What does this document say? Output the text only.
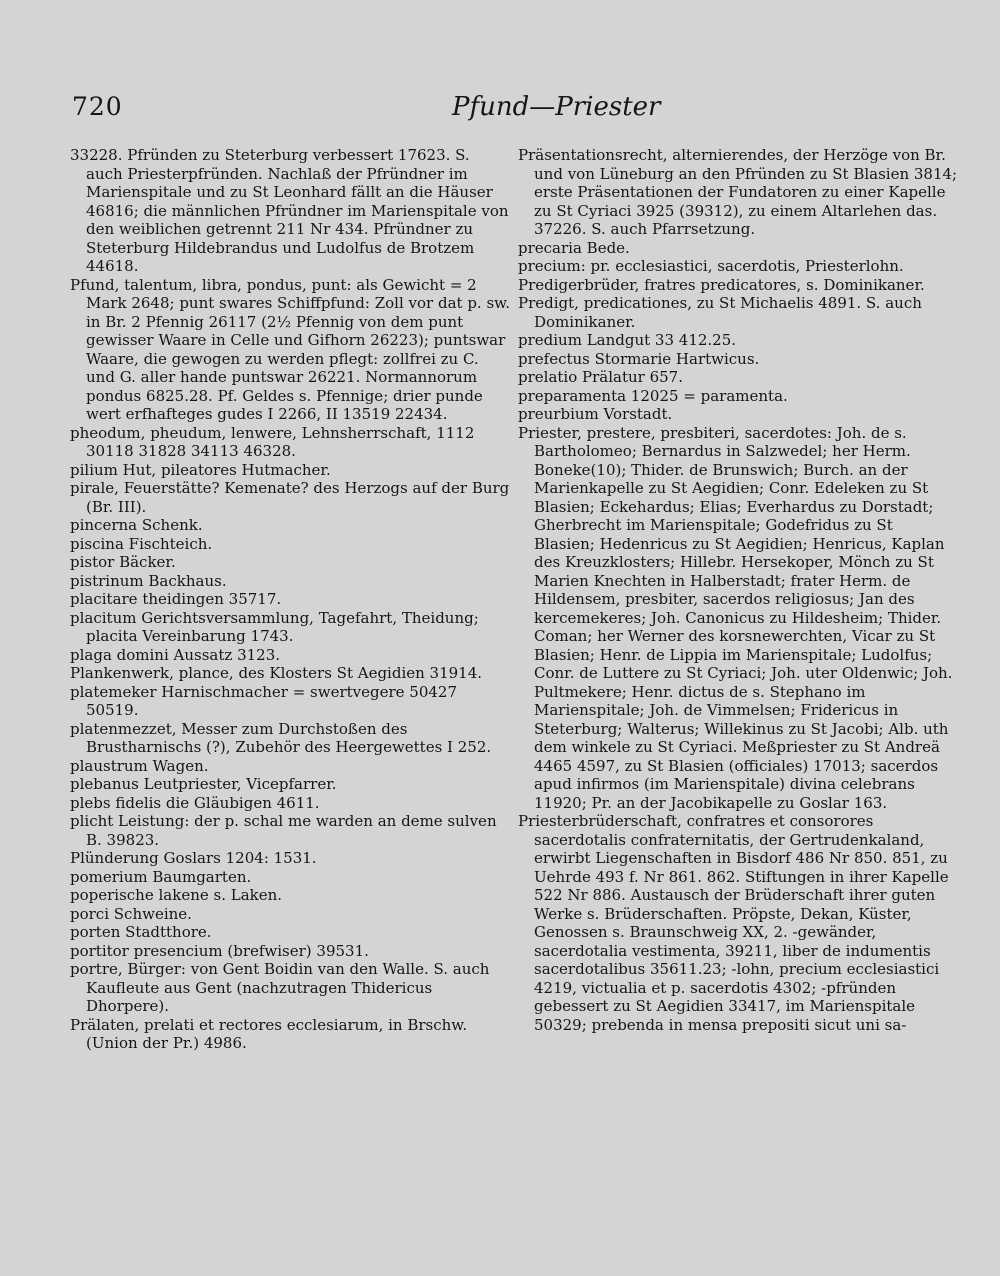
720	Pfund—Priester

33228. Pfründen zu Steterburg verbessert 17623. S. auch Priesterpfründen. Nachlaß der Pfründner im Marienspitale und zu St Leonhard fällt an die Häuser 46816; die männlichen Pfründner im Marienspitale von den weiblichen getrennt 211 Nr 434. Pfründner zu Steterburg Hildebrandus und Ludolfus de Brotzem 44618.

Pfund, talentum, libra, pondus, punt: als Gewicht = 2 Mark 2648; punt swares Schiffpfund: Zoll vor dat p. sw. in Br. 2 Pfennig 26117 (2½ Pfennig von dem punt gewisser Waare in Celle und Gifhorn 26223); puntswar Waare, die gewogen zu werden pflegt: zollfrei zu C. und G. aller hande puntswar 26221. Normannorum pondus 6825.28. Pf. Geldes s. Pfennige; drier punde wert erfhafteges gudes I 2266, II 13519 22434.

pheodum, pheudum, lenwere, Lehnsherrschaft, 1112 30118 31828 34113 46328.

pilium Hut, pileatores Hutmacher.

pirale, Feuerstätte? Kemenate? des Herzogs auf der Burg (Br. III).

pincerna Schenk.

piscina Fischteich.

pistor Bäcker.

pistrinum Backhaus.

placitare theidingen 35717.

placitum Gerichtsversammlung, Tagefahrt, Theidung; placita Vereinbarung 1743.

plaga domini Aussatz 3123.

Plankenwerk, plance, des Klosters St Aegidien 31914.

platemeker Harnischmacher = swertvegere 50427 50519.

platenmezzet, Messer zum Durchstoßen des Brustharnischs (?), Zubehör des Heergewettes I 252.

plaustrum Wagen.

plebanus Leutpriester, Vicepfarrer.

plebs fidelis die Gläubigen 4611.

plicht Leistung: der p. schal me warden an deme sulven B. 39823.

Plünderung Goslars 1204: 1531.

pomerium Baumgarten.

poperische lakene s. Laken.

porci Schweine.

porten Stadtthore.

portitor presencium (brefwiser) 39531.

portre, Bürger: von Gent Boidin van den Walle. S. auch Kaufleute aus Gent (nachzutragen Thidericus Dhorpere).

Prälaten, prelati et rectores ecclesiarum, in Brschw. (Union der Pr.) 4986.

Präsentationsrecht, alternierendes, der Herzöge von Br. und von Lüneburg an den Pfründen zu St Blasien 3814; erste Präsentationen der Fundatoren zu einer Kapelle zu St Cyriaci 3925 (39312), zu einem Altarlehen das. 37226. S. auch Pfarrsetzung.

precaria Bede.

precium: pr. ecclesiastici, sacerdotis, Priesterlohn.

Predigerbrüder, fratres predicatores, s. Dominikaner.

Predigt, predicationes, zu St Michaelis 4891. S. auch Dominikaner.

predium Landgut 33 412.25.

prefectus Stormarie Hartwicus.

prelatio Prälatur 657.

preparamenta 12025 = paramenta.

preurbium Vorstadt.

Priester, prestere, presbiteri, sacerdotes: Joh. de s. Bartholomeo; Bernardus in Salzwedel; her Herm. Boneke(10); Thider. de Brunswich; Burch. an der Marienkapelle zu St Aegidien; Conr. Edeleken zu St Blasien; Eckehardus; Elias; Everhardus zu Dorstadt; Gherbrecht im Marienspitale; Godefridus zu St Blasien; Hedenricus zu St Aegidien; Henricus, Kaplan des Kreuzklosters; Hillebr. Hersekoper, Mönch zu St Marien Knechten in Halberstadt; frater Herm. de Hildensem, presbiter, sacerdos religiosus; Jan des kercemekeres; Joh. Canonicus zu Hildesheim; Thider. Coman; her Werner des korsnewerchten, Vicar zu St Blasien; Henr. de Lippia im Marienspitale; Ludolfus; Conr. de Luttere zu St Cyriaci; Joh. uter Oldenwic; Joh. Pultmekere; Henr. dictus de s. Stephano im Marienspitale; Joh. de Vimmelsen; Fridericus in Steterburg; Walterus; Willekinus zu St Jacobi; Alb. uth dem winkele zu St Cyriaci. Meßpriester zu St Andreä 4465 4597, zu St Blasien (officiales) 17013; sacerdos apud infirmos (im Marienspitale) divina celebrans 11920; Pr. an der Jacobikapelle zu Goslar 163.

Priesterbrüderschaft, confratres et consorores sacerdotalis confraternitatis, der Gertrudenkaland, erwirbt Liegenschaften in Bisdorf 486 Nr 850. 851, zu Uehrde 493 f. Nr 861. 862. Stiftungen in ihrer Kapelle 522 Nr 886. Austausch der Brüderschaft ihrer guten Werke s. Brüderschaften. Pröpste, Dekan, Küster, Genossen s. Braunschweig XX, 2. -gewänder, sacerdotalia vestimenta, 39211, liber de indumentis sacerdotalibus 35611.23; -lohn, precium ecclesiastici 4219, victualia et p. sacerdotis 4302; -pfründen gebessert zu St Aegidien 33417, im Marienspitale 50329; prebenda in mensa prepositi sicut uni sa-
